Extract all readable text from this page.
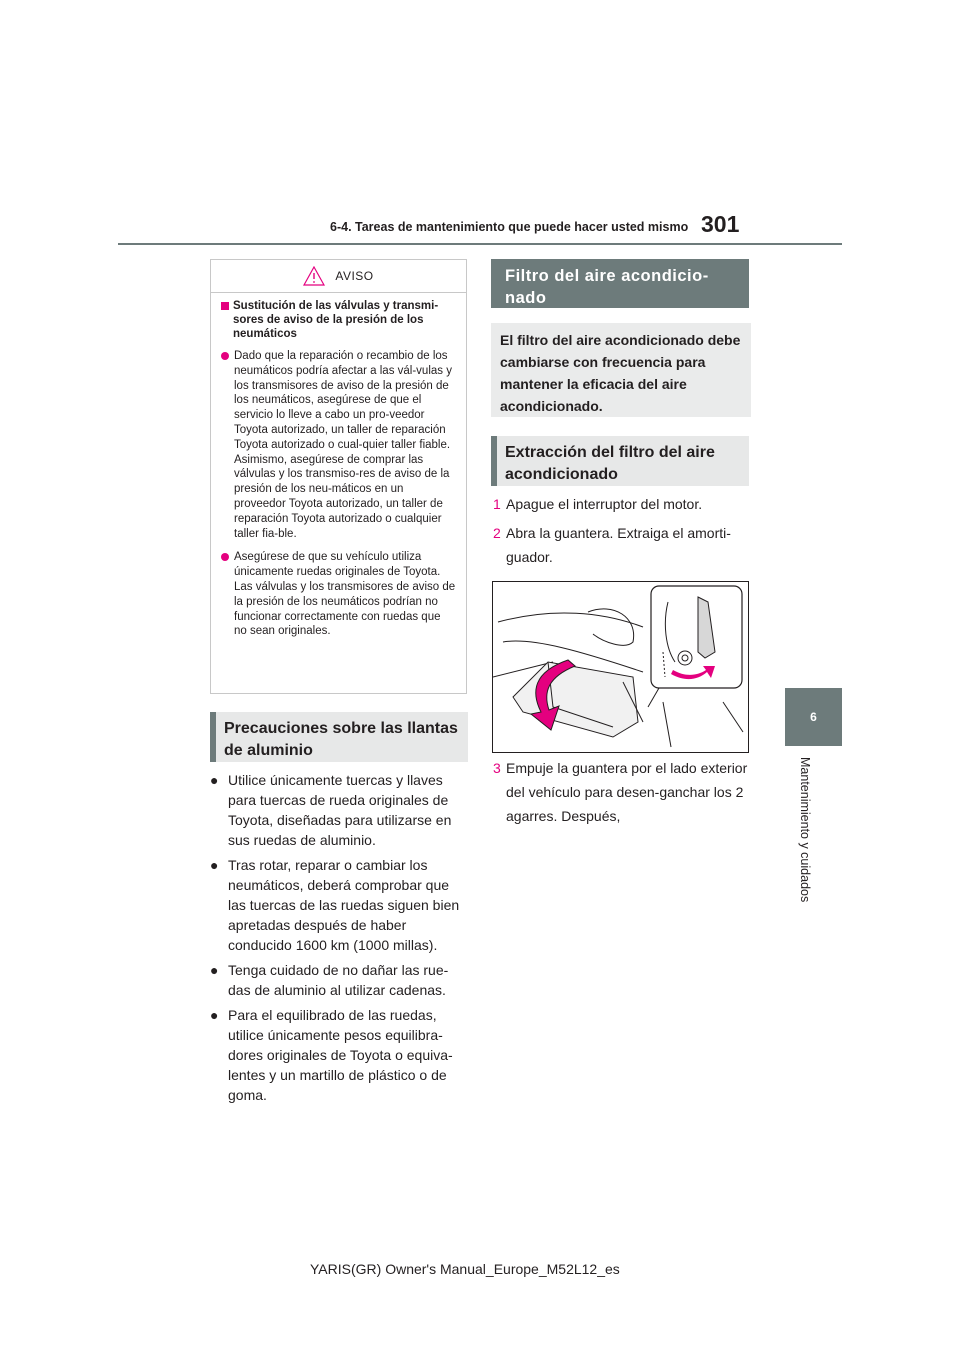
6-4. Tareas de mantenimiento que puede hacer usted mismo 301
6
Mantenimiento y cuidados
AVISO
Sustitución de las válvulas y transmi-sores de aviso de la presión de los neumáticos
Dado que la reparación o recambio de los neumáticos podría afectar a las vál-vulas y los transmisores de aviso de la presión de los neumáticos, asegúrese de que el servicio lo lleve a cabo un pro-veedor Toyota autorizado, un taller de reparación Toyota autorizado o cual-quier taller fiable. Asimismo, asegúrese de comprar las válvulas y los transmiso-res de aviso de la presión de los neu-máticos en un proveedor Toyota autorizado, un taller de reparación Toyota autorizado o cualquier taller fia-ble.
Asegúrese de que su vehículo utiliza únicamente ruedas originales de Toyota.
Las válvulas y los transmisores de aviso de la presión de los neumáticos podrían no funcionar correctamente con ruedas que no sean originales.
Precauciones sobre las llantas de aluminio
● Utilice únicamente tuercas y llaves para tuercas de rueda originales de Toyota, diseñadas para utilizarse en sus ruedas de aluminio.
● Tras rotar, reparar o cambiar los neumáticos, deberá comprobar que las tuercas de las ruedas siguen bien apretadas después de haber conducido 1600 km (1000 millas).
● Tenga cuidado de no dañar las rue-das de aluminio al utilizar cadenas.
● Para el equilibrado de las ruedas, utilice únicamente pesos equilibra-dores originales de Toyota o equiva-lentes y un martillo de plástico o de goma.
Filtro del aire acondicio-nado
El filtro del aire acondicionado debe cambiarse con frecuencia para mantener la eficacia del aire acondicionado.
Extracción del filtro del aire acondicionado
1 Apague el interruptor del motor.
2 Abra la guantera. Extraiga el amorti-guador.
3 Empuje la guantera por el lado exterior del vehículo para desen-ganchar los 2 agarres. Después,
YARIS(GR) Owner's Manual_Europe_M52L12_es
